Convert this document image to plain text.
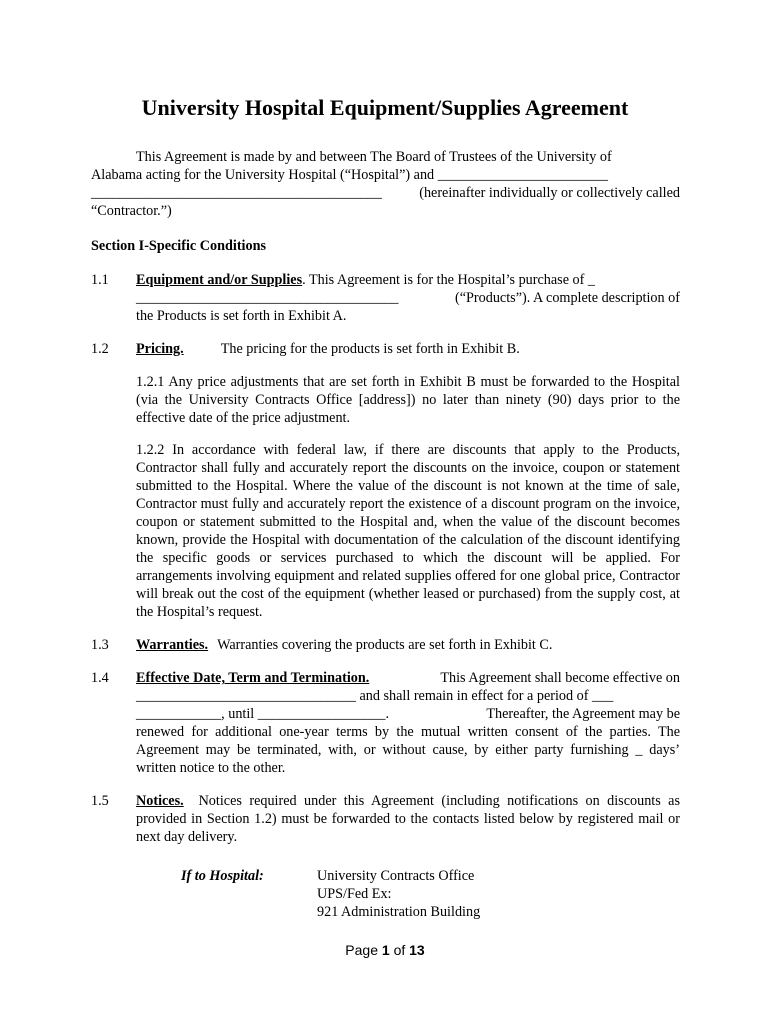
University Hospital Equipment/Supplies Agreement
This Agreement is made by and between The Board of Trustees of the University of
Alabama acting for the University Hospital (“Hospital”) and ________________________
_________________________________________	(hereinafter individually or collectively called
“Contractor.”)
Section I-Specific Conditions
1.1 Equipment and/or Supplies. This Agreement is for the Hospital’s purchase of _
_____________________________________	(“Products”). A complete description of
the Products is set forth in Exhibit A.
1.2 Pricing.	The pricing for the products is set forth in Exhibit B.

1.2.1 Any price adjustments that are set forth in Exhibit B must be forwarded to the Hospital (via the University Contracts Office [address]) no later than ninety (90) days prior to the effective date of the price adjustment.

1.2.2 In accordance with federal law, if there are discounts that apply to the Products, Contractor shall fully and accurately report the discounts on the invoice, coupon or statement submitted to the Hospital. Where the value of the discount is not known at the time of sale, Contractor must fully and accurately report the existence of a discount program on the invoice, coupon or statement submitted to the Hospital and, when the value of the discount becomes known, provide the Hospital with documentation of the calculation of the discount identifying the specific goods or services purchased to which the discount will be applied. For arrangements involving equipment and related supplies offered for one global price, Contractor will break out the cost of the equipment (whether leased or purchased) from the supply cost, at the Hospital’s request.

1.3 Warranties. Warranties covering the products are set forth in Exhibit C.
1.4 Effective Date, Term and Termination.	This Agreement shall become effective on
_______________________________ and shall remain in effect for a period of ___
____________, until __________________.	Thereafter, the Agreement may be

renewed for additional one-year terms by the mutual written consent of the parties. The Agreement may be terminated, with, or without cause, by either party furnishing _ days’ written notice to the other.

1.5 Notices. Notices required under this Agreement (including notifications on discounts as provided in Section 1.2) must be forwarded to the contacts listed below by registered mail or next day delivery.

If to Hospital:	University Contracts Office
UPS/Fed Ex:
921 Administration Building
Page 1 of 13
